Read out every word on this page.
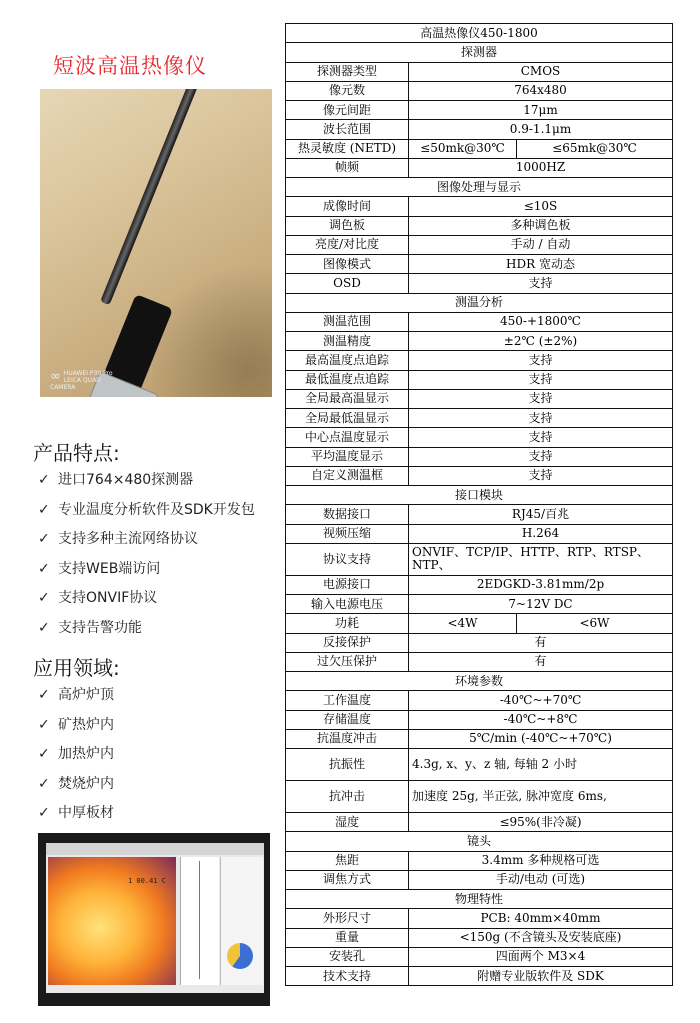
短波高温热像仪
∞ HUAWEI P30 Pro
LEICA QUAD CAMERA
产品特点:
✓ 进口764×480探测器
✓ 专业温度分析软件及SDK开发包
✓ 支持多种主流网络协议
✓ 支持WEB端访问
✓ 支持ONVIF协议
✓ 支持告警功能
应用领域:
✓ 高炉炉顶
✓ 矿热炉内
✓ 加热炉内
✓ 焚烧炉内
✓ 中厚板材
1 00.41 C
高温热像仪450-1800		
探测器		
探测器类型	CMOS	
像元数	764x480	
像元间距	17μm	
波长范围	0.9-1.1μm	
热灵敏度 (NETD)	≤50mk@30℃	≤65mk@30℃
帧频	1000HZ	
图像处理与显示		
成像时间	≤10S	
调色板	多种调色板	
亮度/对比度	手动 / 自动	
图像模式	HDR 宽动态	
OSD	支持	
测温分析		
测温范围	450-+1800℃	
测温精度	±2℃ (±2%)	
最高温度点追踪	支持	
最低温度点追踪	支持	
全局最高温显示	支持	
全局最低温显示	支持	
中心点温度显示	支持	
平均温度显示	支持	
自定义测温框	支持	
接口模块		
数据接口	RJ45/百兆	
视频压缩	H.264	
协议支持	ONVIF、TCP/IP、HTTP、RTP、RTSP、NTP、	
电源接口	2EDGKD-3.81mm/2p	
输入电源电压	7~12V DC	
功耗	<4W	<6W
反接保护	有	
过欠压保护	有	
环境参数		
工作温度	-40℃~+70℃	
存储温度	-40℃~+8℃	
抗温度冲击	5℃/min (-40℃~+70℃)	
抗振性	4.3g, x、y、z 轴, 每轴 2 小时	
抗冲击	加速度 25g, 半正弦, 脉冲宽度 6ms,	
湿度	≤95%(非冷凝)	
镜头		
焦距	3.4mm 多种规格可选	
调焦方式	手动/电动 (可选)	
物理特性		
外形尺寸	PCB: 40mm×40mm	
重量	<150g (不含镜头及安装底座)	
安装孔	四面两个 M3×4	
技术支持	附赠专业版软件及 SDK	
